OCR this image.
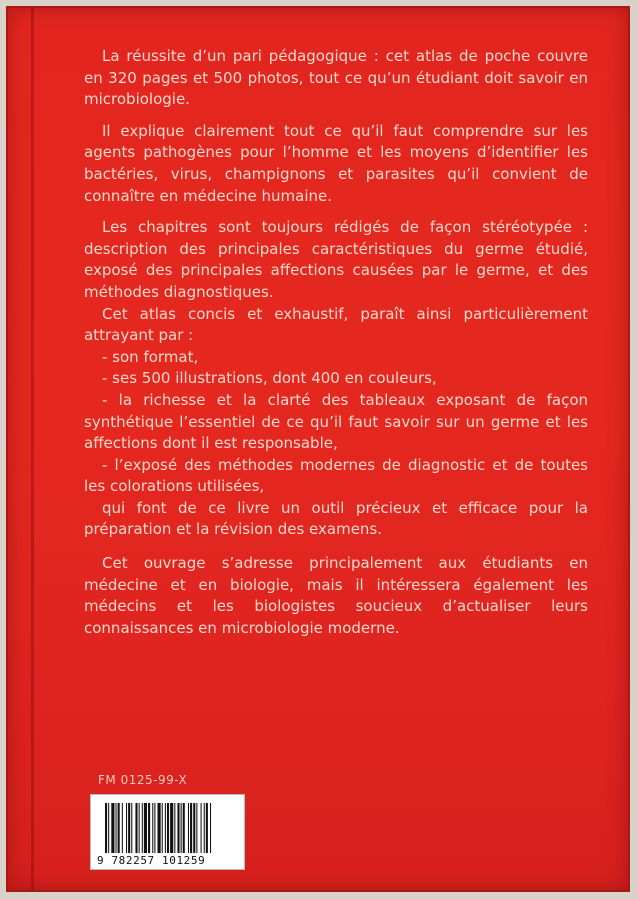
La réussite d’un pari pédagogique : cet atlas de poche couvre en 320 pages et 500 photos, tout ce qu’un étudiant doit savoir en microbiologie.

Il explique clairement tout ce qu’il faut comprendre sur les agents pathogènes pour l’homme et les moyens d’identifier les bactéries, virus, champignons et parasites qu’il convient de connaître en médecine humaine.

Les chapitres sont toujours rédigés de façon stéréotypée : description des principales caractéristiques du germe étudié, exposé des principales affections causées par le germe, et des méthodes diagnostiques.

Cet atlas concis et exhaustif, paraît ainsi particulièrement attrayant par :

- son format,

- ses 500 illustrations, dont 400 en couleurs,

- la richesse et la clarté des tableaux exposant de façon synthétique l’essentiel de ce qu’il faut savoir sur un germe et les affections dont il est responsable,

- l’exposé des méthodes modernes de diagnostic et de toutes les colorations utilisées,

qui font de ce livre un outil précieux et efficace pour la préparation et la révision des examens.

Cet ouvrage s’adresse principalement aux étudiants en médecine et en biologie, mais il intéressera également les médecins et les biologistes soucieux d’actualiser leurs connaissances en microbiologie moderne.

FM 0125-99-X
9 782257 101259
